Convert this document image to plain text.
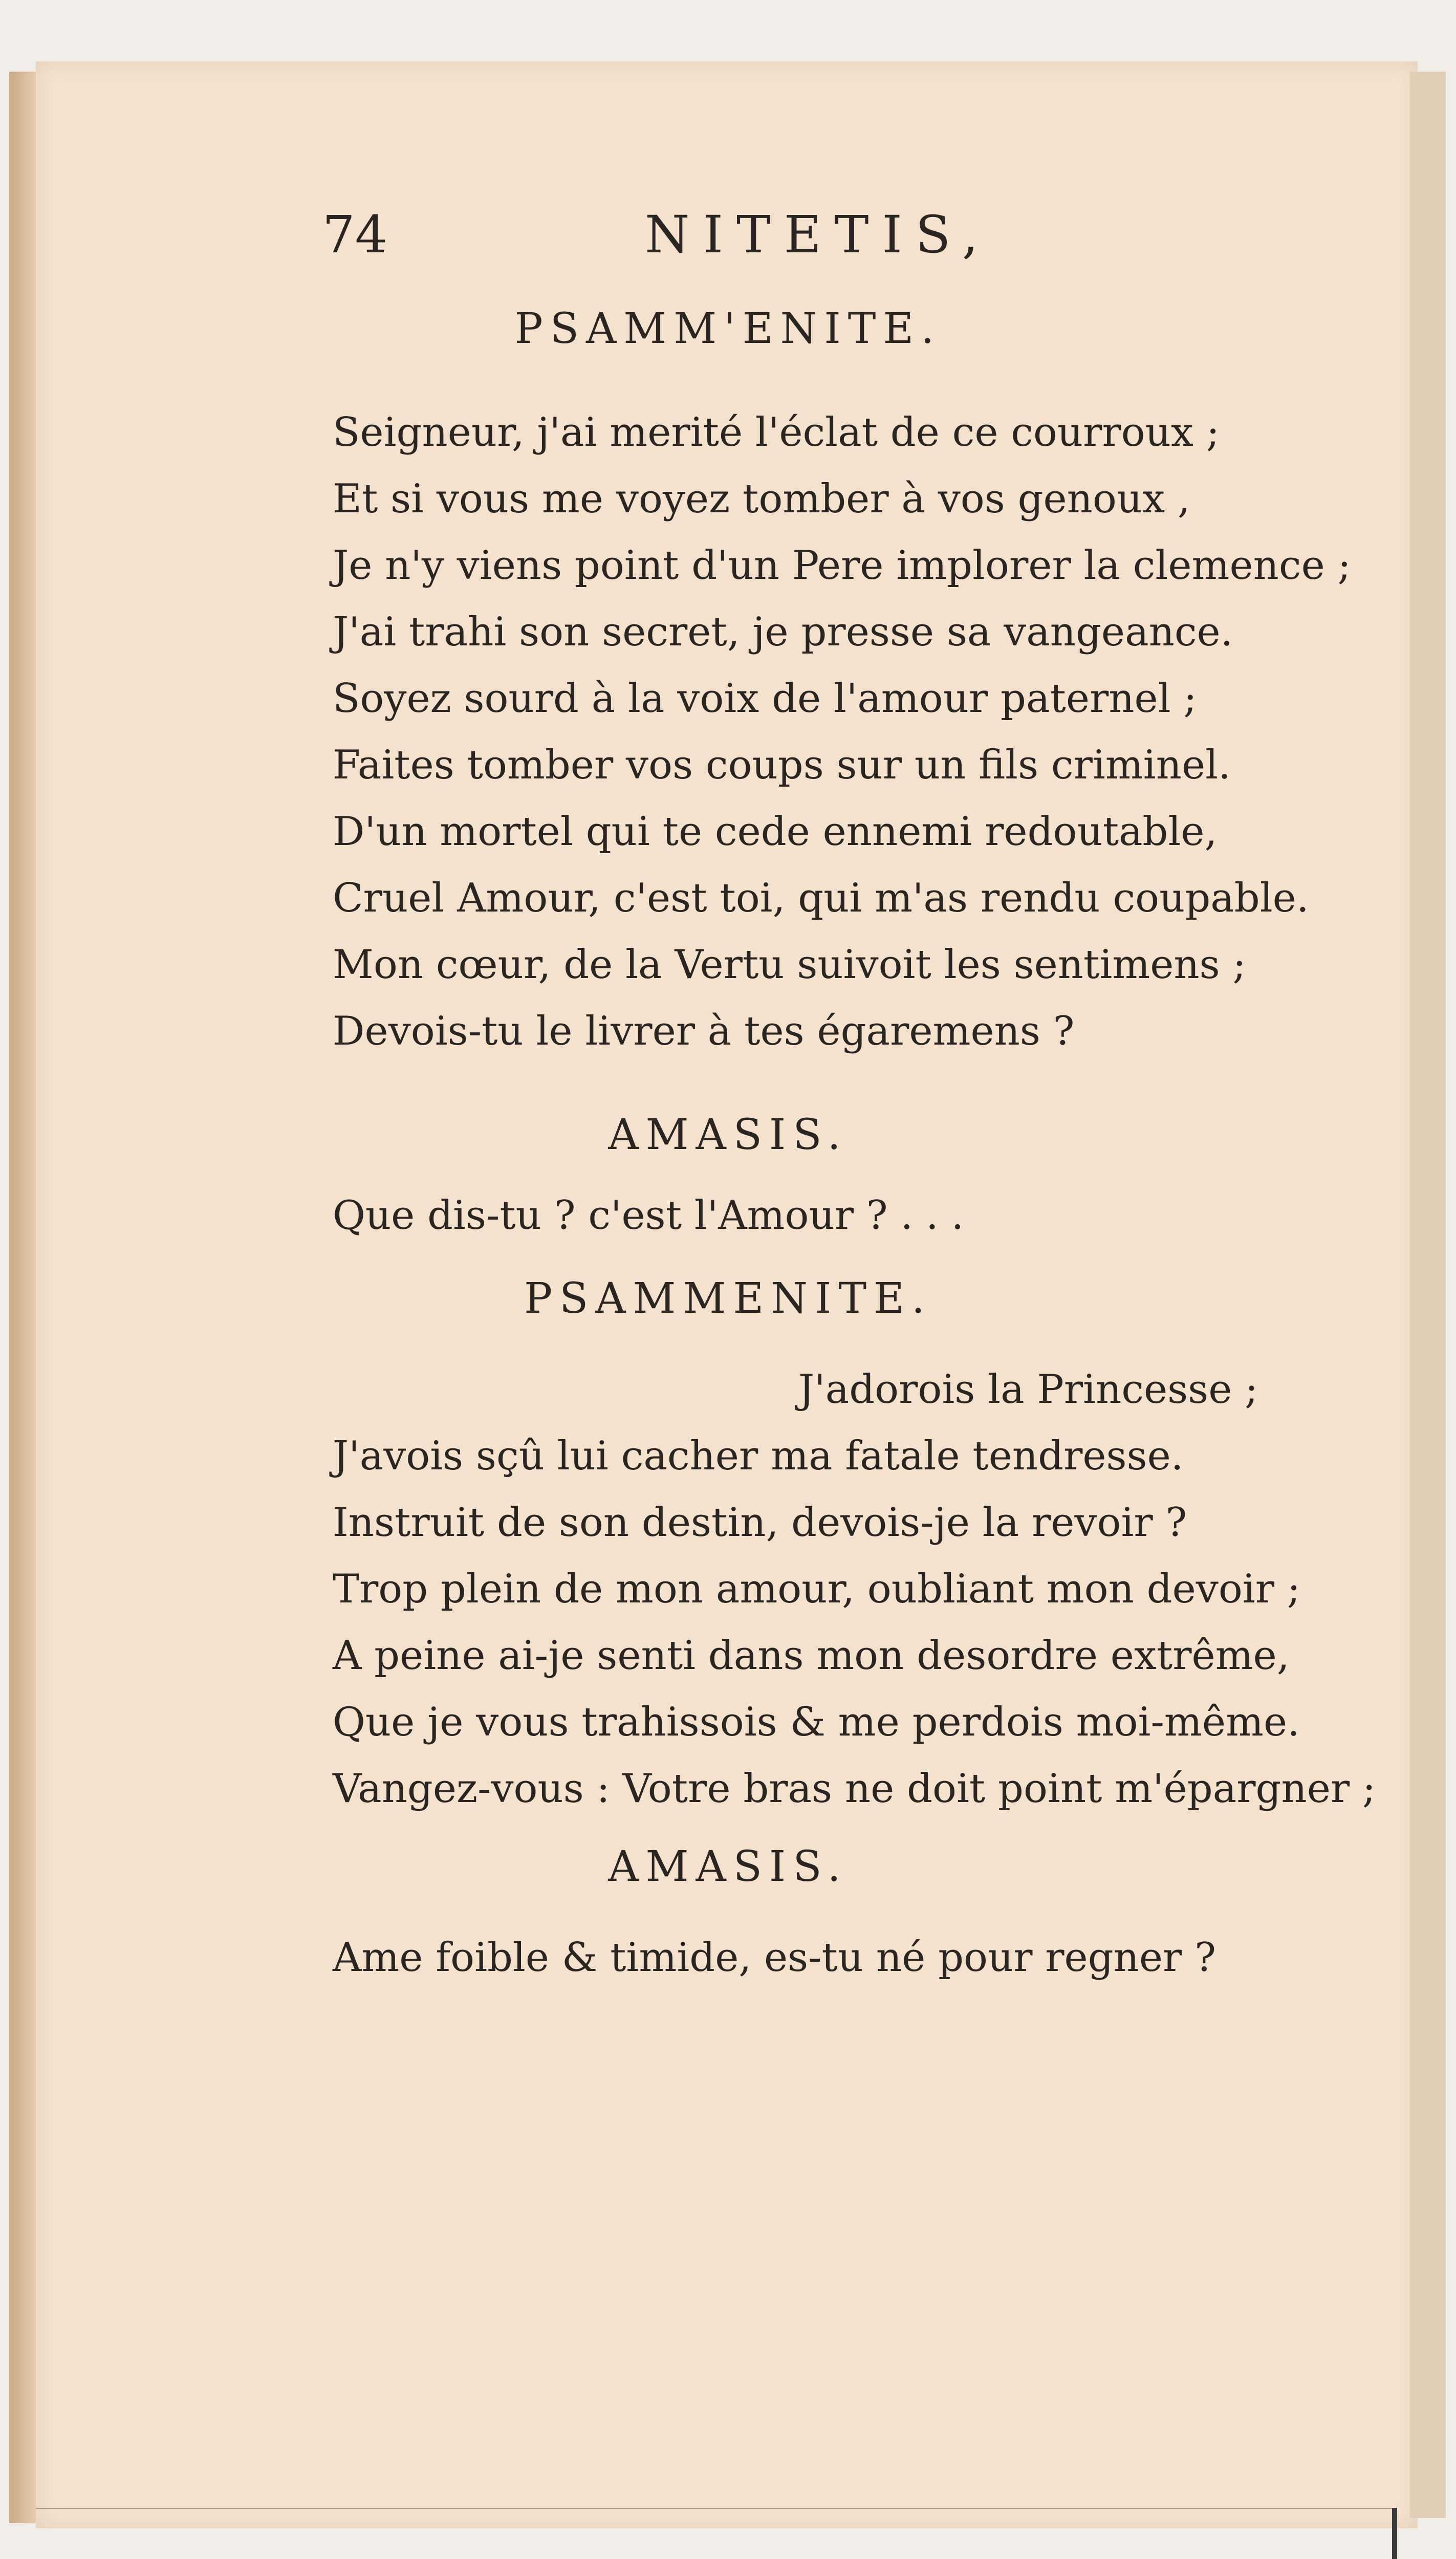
74	NITETIS,
PSAMM'ENITE.
Seigneur, j'ai merité l'éclat de ce courroux ;
Et si vous me voyez tomber à vos genoux ,
Je n'y viens point d'un Pere implorer la clemence ;
J'ai trahi son secret, je presse sa vangeance.
Soyez sourd à la voix de l'amour paternel ;
Faites tomber vos coups sur un fils criminel.
D'un mortel qui te cede ennemi redoutable,
Cruel Amour, c'est toi, qui m'as rendu coupable.
Mon cœur, de la Vertu suivoit les sentimens ;
Devois-tu le livrer à tes égaremens ?
AMASIS.
Que dis-tu ? c'est l'Amour ? . . .
PSAMMENITE.
J'adorois la Princesse ;
J'avois sçû lui cacher ma fatale tendresse.
Instruit de son destin, devois-je la revoir ?
Trop plein de mon amour, oubliant mon devoir ;
A peine ai-je senti dans mon desordre extrême,
Que je vous trahissois & me perdois moi-même.
Vangez-vous : Votre bras ne doit point m'épargner ;
AMASIS.
Ame foible & timide, es-tu né pour regner ?
